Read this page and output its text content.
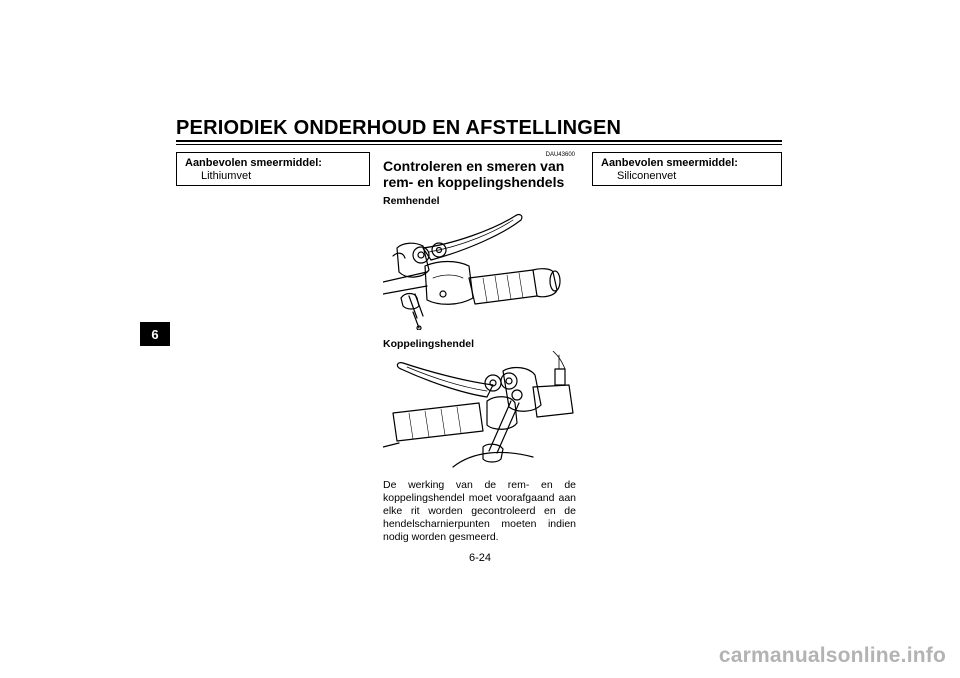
PERIODIEK ONDERHOUD EN AFSTELLINGEN
6
Aanbevolen smeermiddel:
Lithiumvet
DAU43600
Controleren en smeren van rem- en koppelingshendels
Remhendel
Koppelingshendel
De werking van de rem- en de koppelingshendel moet voorafgaand aan elke rit worden gecontroleerd en de hendelscharnierpunten moeten indien nodig worden gesmeerd.
Aanbevolen smeermiddel:
Siliconenvet
6-24
carmanualsonline.info
